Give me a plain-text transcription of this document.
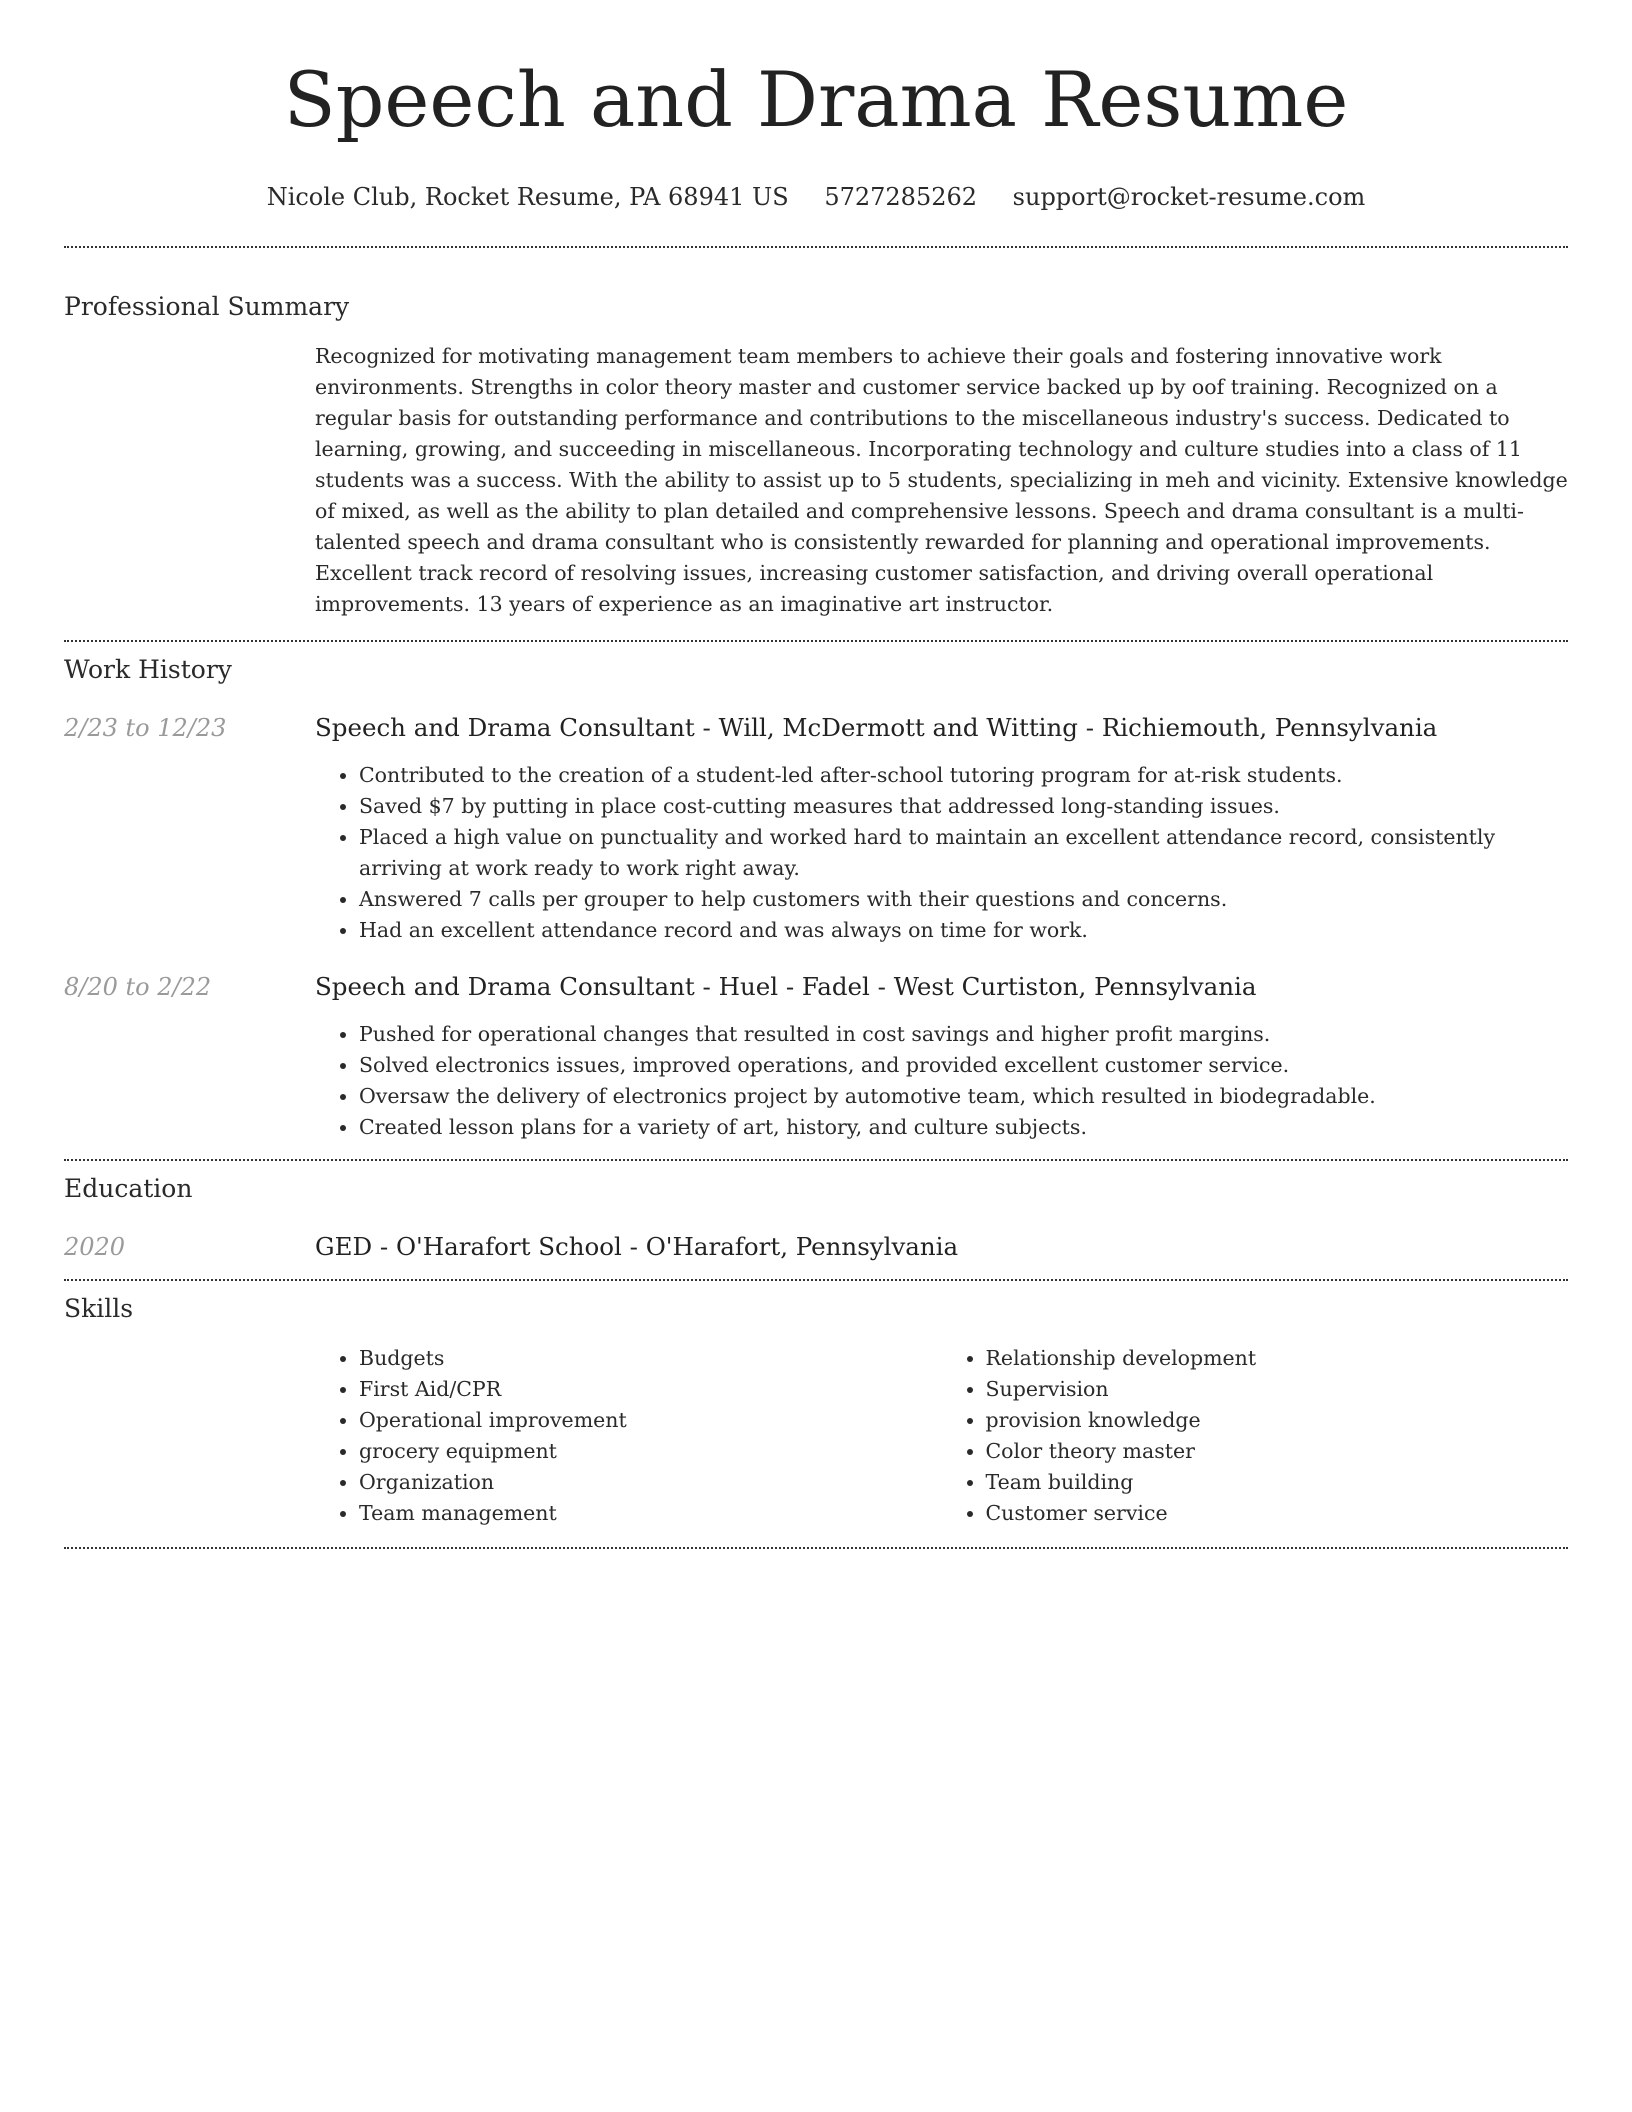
Speech and Drama Resume
Nicole Club, Rocket Resume, PA 68941 US 5727285262 support@rocket-resume.com
Professional Summary

Recognized for motivating management team members to achieve their goals and fostering innovative work environments. Strengths in color theory master and customer service backed up by oof training. Recognized on a regular basis for outstanding performance and contributions to the miscellaneous industry's success. Dedicated to learning, growing, and succeeding in miscellaneous. Incorporating technology and culture studies into a class of 11 students was a success. With the ability to assist up to 5 students, specializing in meh and vicinity. Extensive knowledge of mixed, as well as the ability to plan detailed and comprehensive lessons. Speech and drama consultant is a multi-talented speech and drama consultant who is consistently rewarded for planning and operational improvements. Excellent track record of resolving issues, increasing customer satisfaction, and driving overall operational improvements. 13 years of experience as an imaginative art instructor.

Work History
2/23 to 12/23	Speech and Drama Consultant - Will, McDermott and Witting - Richiemouth, Pennsylvania
• Contributed to the creation of a student-led after-school tutoring program for at-risk students.
• Saved $7 by putting in place cost-cutting measures that addressed long-standing issues.
• Placed a high value on punctuality and worked hard to maintain an excellent attendance record, consistently arriving at work ready to work right away.
• Answered 7 calls per grouper to help customers with their questions and concerns.
• Had an excellent attendance record and was always on time for work.
8/20 to 2/22	Speech and Drama Consultant - Huel - Fadel - West Curtiston, Pennsylvania
• Pushed for operational changes that resulted in cost savings and higher profit margins.
• Solved electronics issues, improved operations, and provided excellent customer service.
• Oversaw the delivery of electronics project by automotive team, which resulted in biodegradable.
• Created lesson plans for a variety of art, history, and culture subjects.
Education
2020	GED - O'Harafort School - O'Harafort, Pennsylvania
Skills
• Budgets
• First Aid/CPR
• Operational improvement
• grocery equipment
• Organization
• Team management
• Relationship development
• Supervision
• provision knowledge
• Color theory master
• Team building
• Customer service
